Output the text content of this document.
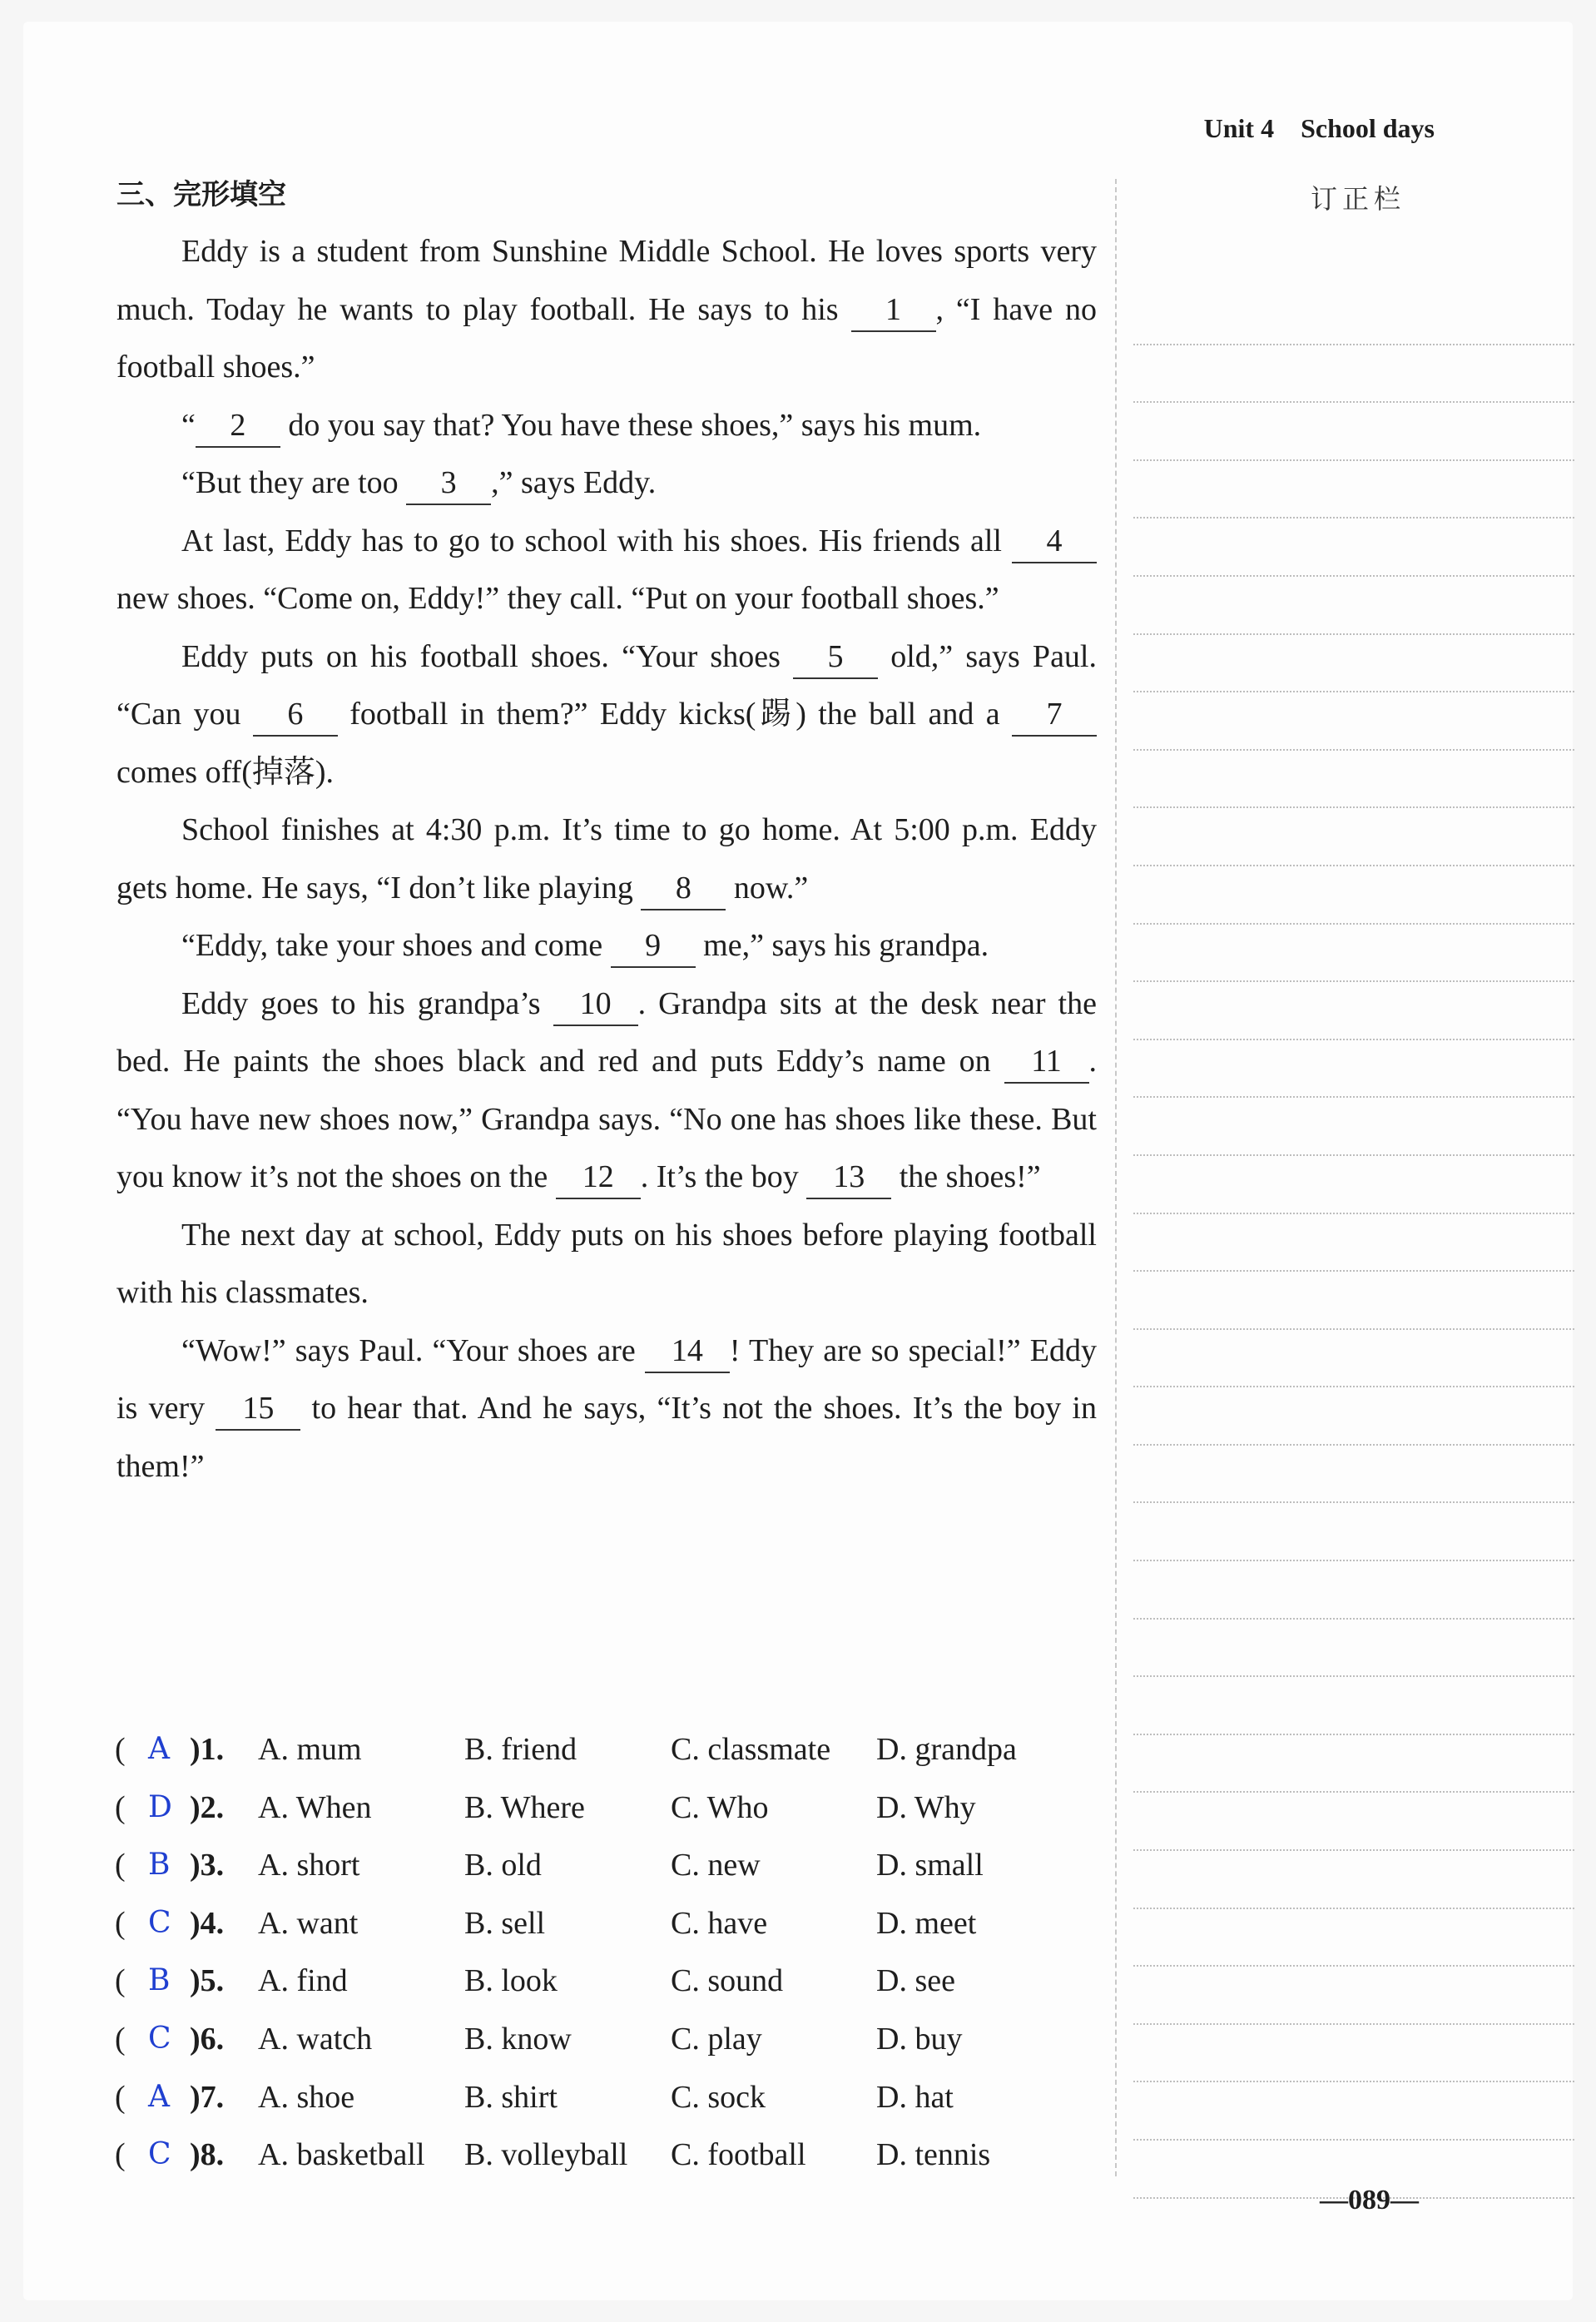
Unit 4 School days
三、完形填空	订正栏

Eddy is a student from Sunshine Middle School. He loves sports very much. Today he wants to play football. He says to his 1 , “I have no football shoes.”

“ 2 do you say that? You have these shoes,” says his mum.

“But they are too 3 ,” says Eddy.

At last, Eddy has to go to school with his shoes. His friends all 4 new shoes. “Come on, Eddy!” they call. “Put on your football shoes.”

Eddy puts on his football shoes. “Your shoes 5 old,” says Paul. “Can you 6 football in them?” Eddy kicks(踢) the ball and a 7 comes off(掉落).

School finishes at 4:30 p.m. It’s time to go home. At 5:00 p.m. Eddy gets home. He says, “I don’t like playing 8 now.”

“Eddy, take your shoes and come 9 me,” says his grandpa.

Eddy goes to his grandpa’s 10 . Grandpa sits at the desk near the bed. He paints the shoes black and red and puts Eddy’s name on 11 . “You have new shoes now,” Grandpa says. “No one has shoes like these. But you know it’s not the shoes on the 12 . It’s the boy 13 the shoes!”

The next day at school, Eddy puts on his shoes before playing football with his classmates.

“Wow!” says Paul. “Your shoes are 14 ! They are so special!” Eddy is very 15 to hear that. And he says, “It’s not the shoes. It’s the boy in them!”

( A )1. A. mum	B. friend	C. classmate D. grandpa
( D )2. A. When	B. Where	C. Who	D. Why
( B )3. A. short	B. old	C. new	D. small
( C )4. A. want	B. sell	C. have	D. meet
( B )5. A. find	B. look	C. sound	D. see
( C )6. A. watch	B. know	C. play	D. buy
( A )7. A. shoe	B. shirt	C. sock	D. hat
( C )8. A. basketball B. volleyball C. football D. tennis
—089—
